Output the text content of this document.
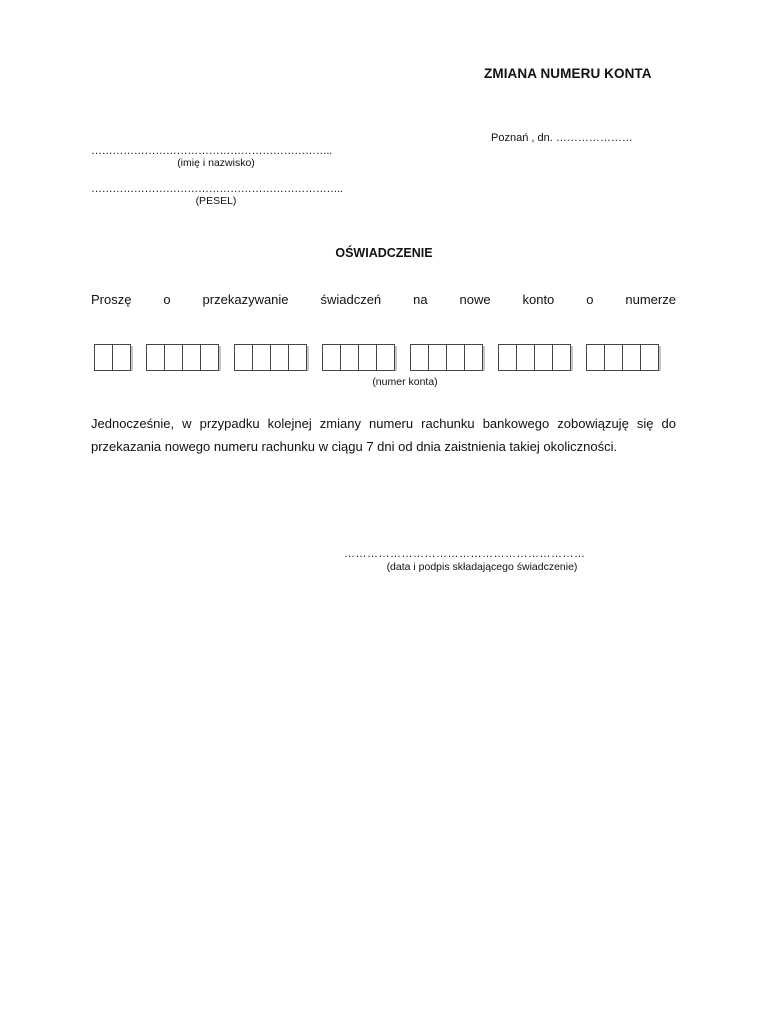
ZMIANA NUMERU KONTA
Poznań , dn. …………………
…………………………………………………………..
(imię i nazwisko)
……………………………………………………………..
(PESEL)
OŚWIADCZENIE
Proszę o przekazywanie świadczeń na nowe konto o numerze
(numer konta)
Jednocześnie, w przypadku kolejnej zmiany numeru rachunku bankowego zobowiązuję się do przekazania nowego numeru rachunku w ciągu 7 dni od dnia zaistnienia takiej okoliczności.
………………………………………………………
(data i podpis składającego świadczenie)
